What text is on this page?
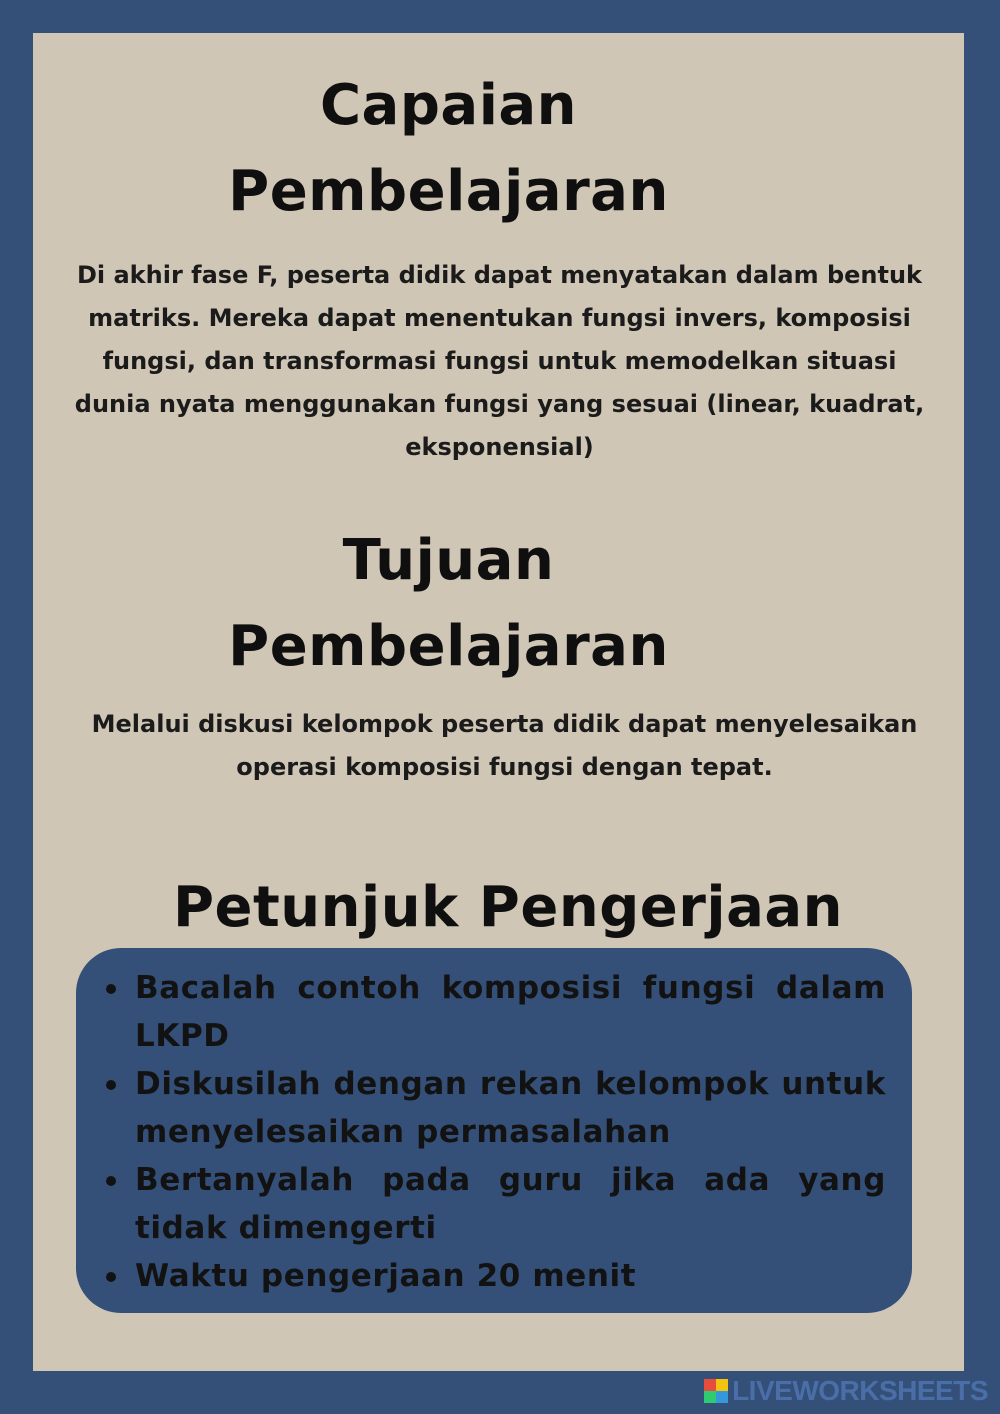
Capaian
Pembelajaran

Di akhir fase F, peserta didik dapat menyatakan dalam bentuk matriks. Mereka dapat menentukan fungsi invers, komposisi fungsi, dan transformasi fungsi untuk memodelkan situasi dunia nyata menggunakan fungsi yang sesuai (linear, kuadrat, eksponensial)

Tujuan
Pembelajaran

Melalui diskusi kelompok peserta didik dapat menyelesaikan operasi komposisi fungsi dengan tepat.

Petunjuk Pengerjaan
Bacalah contoh komposisi fungsi dalam LKPD
Diskusilah dengan rekan kelompok untuk menyelesaikan permasalahan
Bertanyalah pada guru jika ada yang tidak dimengerti
Waktu pengerjaan 20 menit
LIVEWORKSHEETS
